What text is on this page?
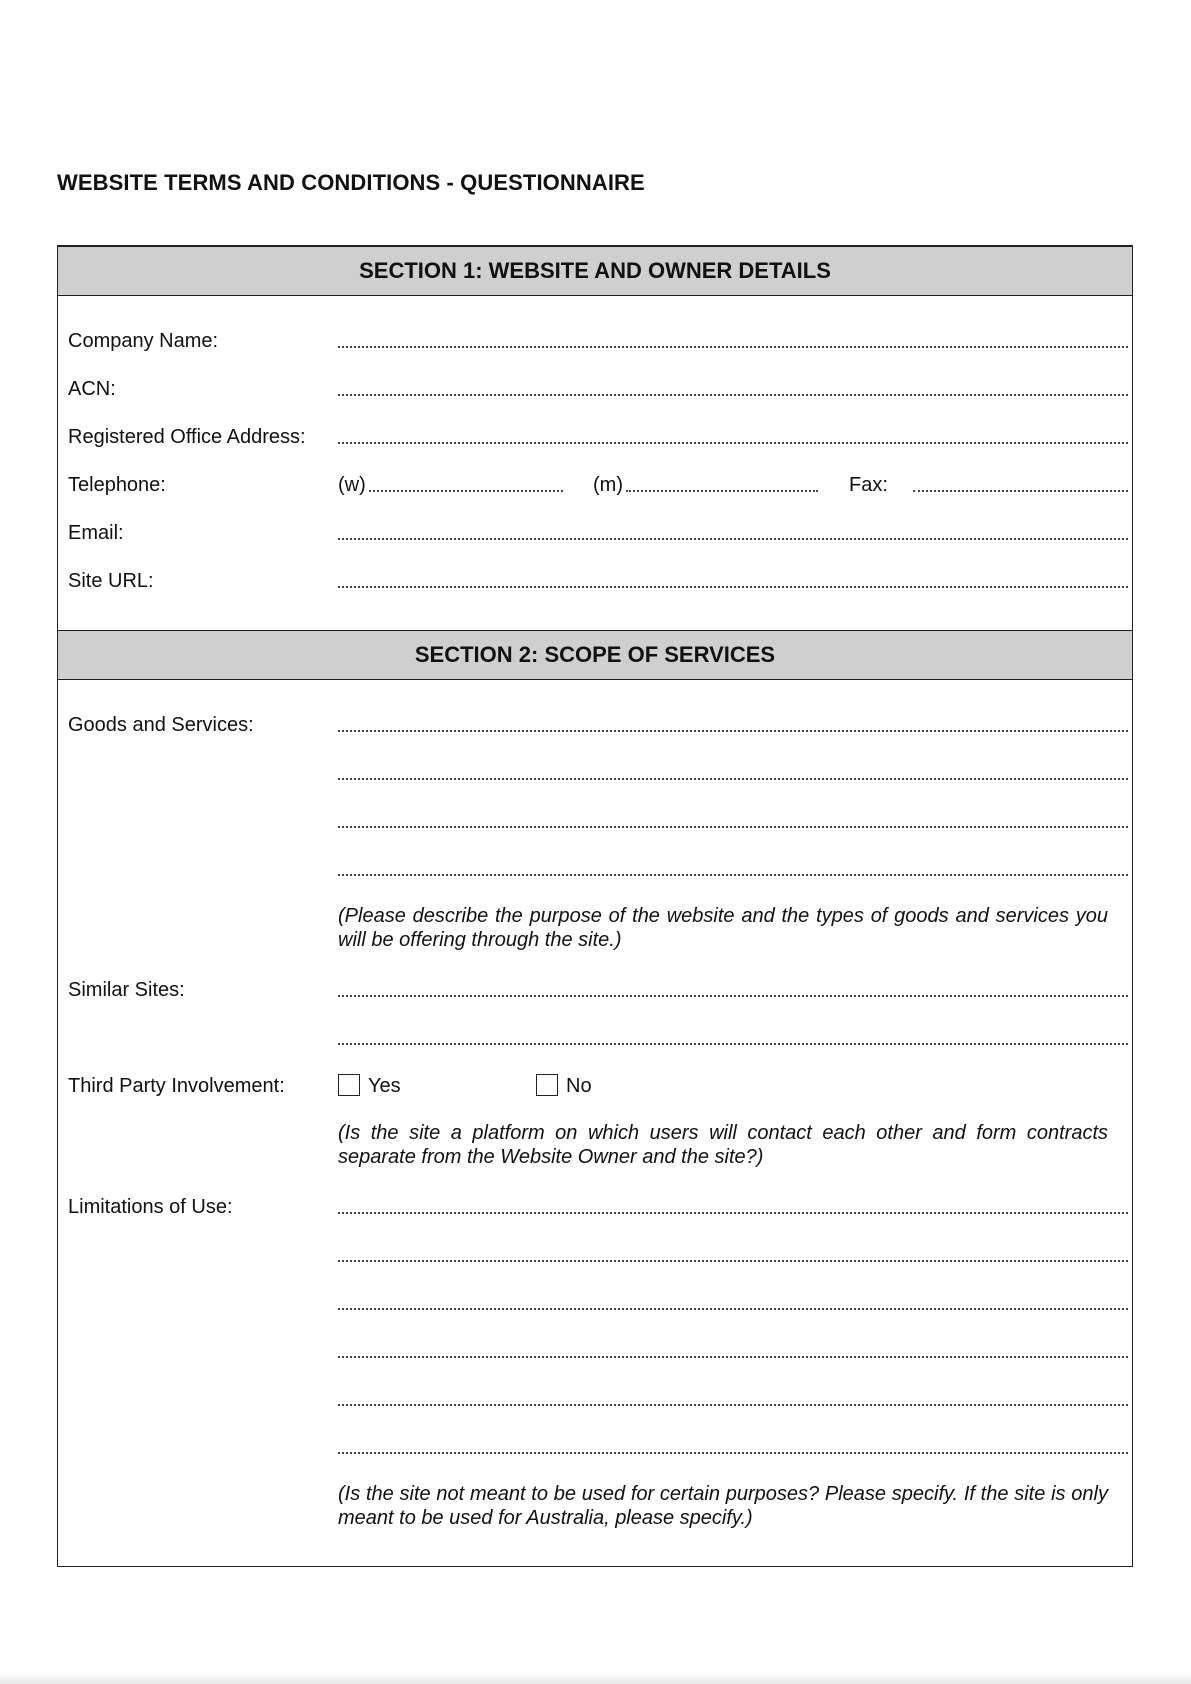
WEBSITE TERMS AND CONDITIONS - QUESTIONNAIRE
SECTION 1: WEBSITE AND OWNER DETAILS
Company Name:
ACN:
Registered Office Address:
Telephone:	(w)	(m)	Fax:
Email:
Site URL:
SECTION 2: SCOPE OF SERVICES
Goods and Services:
(Please describe the purpose of the website and the types of goods and services you will be offering through the site.)
Similar Sites:
Third Party Involvement:	Yes	No
(Is the site a platform on which users will contact each other and form contracts separate from the Website Owner and the site?)
Limitations of Use:
(Is the site not meant to be used for certain purposes? Please specify. If the site is only meant to be used for Australia, please specify.)
